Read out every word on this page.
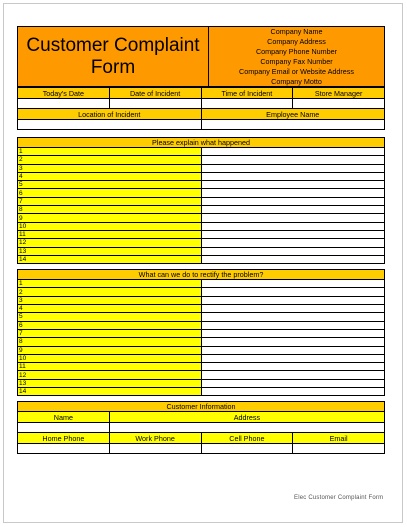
Customer Complaint Form
Company Name
Company Address
Company Phone Number
Company Fax Number
Company Email or Website Address
Company Motto
Today's Date	Date of Incident	Time of Incident	Store Manager

Location of Incident		Employee Name	

Please explain what happened	
1	
2	
3	
4	
5	
6	
7	
8	
9	
10	
11	
12	
13	
14	
What can we do to rectify the problem?	
1	
2	
3	
4	
5	
6	
7	
8	
9	
10	
11	
12	
13	
14	
Customer Information			
Name	Address		

Home Phone	Work Phone	Cell Phone	Email

Elec Customer Complaint Form
